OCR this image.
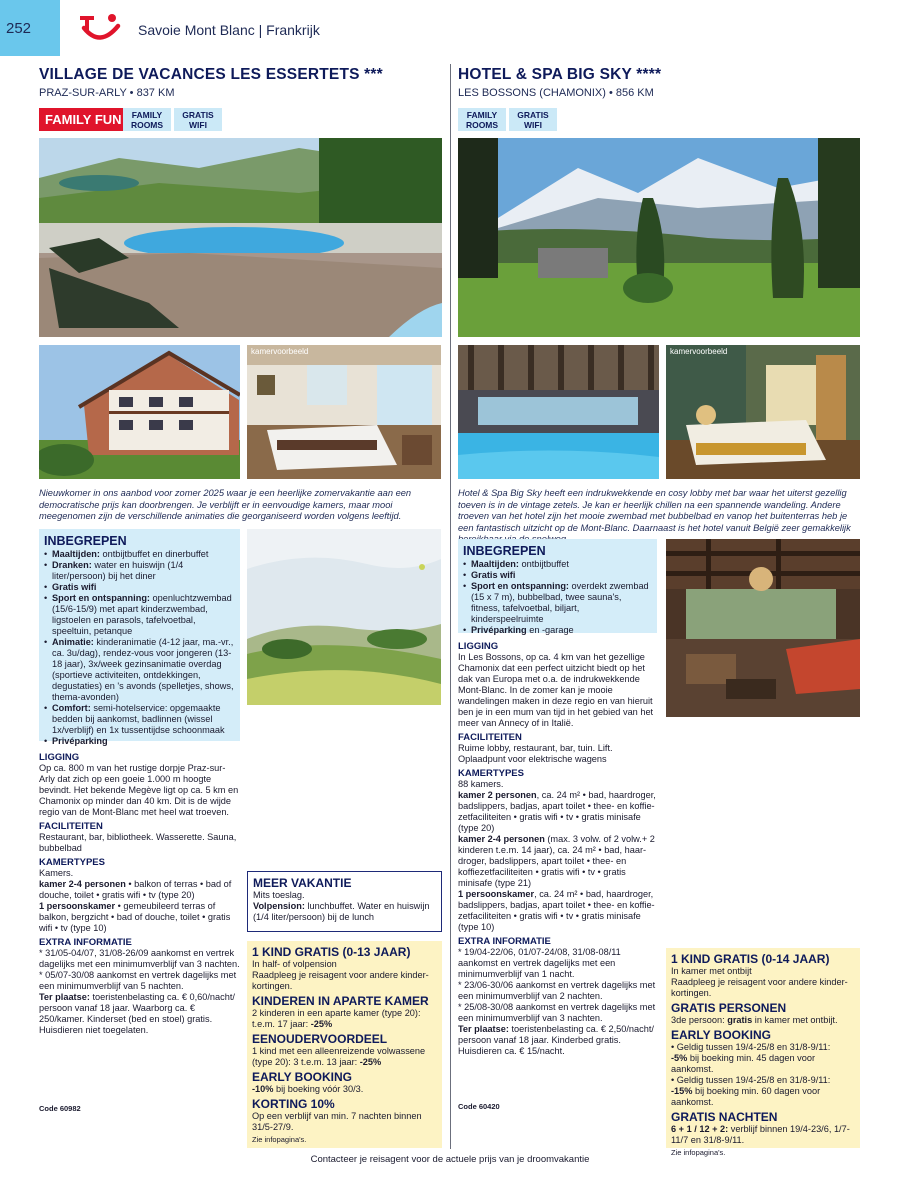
252	Savoie Mont Blanc | Frankrijk
VILLAGE DE VACANCES LES ESSERTETS ***
PRAZ-SUR-ARLY • 837 KM
FAMILY FUN	FAMILY
ROOMS
GRATIS
WIFI
kamervoorbeeld
Nieuwkomer in ons aanbod voor zomer 2025 waar je een heerlijke zomervakantie aan een democratische prijs kan doorbrengen. Je verblijft er in eenvoudige kamers, maar mooi meegenomen zijn de verschillende animaties die georganiseerd worden volgens leeftijd.
INBEGREPEN
• Maaltijden: ontbijtbuffet en dinerbuffet
• Dranken: water en huiswijn (1/4 liter/persoon) bij het diner
• Gratis wifi
• Sport en ontspanning: openluchtzwembad (15/6-15/9) met apart kinderzwembad, ligstoelen en parasols, tafelvoetbal, speeltuin, petanque
• Animatie: kinderanimatie (4-12 jaar, ma.-vr., ca. 3u/dag), rendez-vous voor jongeren (13-18 jaar), 3x/week gezinsanimatie overdag (sportieve activiteiten, ontdekkingen, degustaties) en 's avonds (spelletjes, shows, thema-avonden)
• Comfort: semi-hotelservice: opgemaakte bedden bij aankomst, badlinnen (wissel 1x/verblijf) en 1x tussentijdse schoonmaak
• Privéparking
LIGGING

Op ca. 800 m van het rustige dorpje Praz-sur-Arly dat zich op een goeie 1.000 m hoogte bevindt. Het bekende Megève ligt op ca. 5 km en Chamonix op minder dan 40 km. Dit is de wijde regio van de Mont-Blanc met heel wat troeven.

FACILITEITEN

Restaurant, bar, bibliotheek. Wasserette. Sauna, bubbelbad

KAMERTYPES

Kamers.

kamer 2-4 personen • balkon of terras • bad of douche, toilet • gratis wifi • tv (type 20)

1 persoonskamer • gemeubileerd terras of balkon, bergzicht • bad of douche, toilet • gratis wifi • tv (type 10)

EXTRA INFORMATIE

* 31/05-04/07, 31/08-26/09 aankomst en vertrek dagelijks met een minimumverblijf van 3 nachten.

* 05/07-30/08 aankomst en vertrek dagelijks met een minimumverblijf van 5 nachten.

Ter plaatse: toeristenbelasting ca. € 0,60/nacht/ persoon vanaf 18 jaar. Waarborg ca. € 250/kamer. Kinderset (bed en stoel) gratis. Huisdieren niet toegelaten.

Code 60982
MEER VAKANTIE
Mits toeslag.
Volpension: lunchbuffet. Water en huiswijn (1/4 liter/persoon) bij de lunch
1 KIND GRATIS (0-13 JAAR)
In half- of volpension
Raadpleeg je reisagent voor andere kinder-kortingen.
KINDEREN IN APARTE KAMER
2 kinderen in een aparte kamer (type 20): t.e.m. 17 jaar: -25%
EENOUDERVOORDEEL
1 kind met een alleenreizende volwassene (type 20): 3 t.e.m. 13 jaar: -25%
EARLY BOOKING
-10% bij boeking vóór 30/3.
KORTING 10%
Op een verblijf van min. 7 nachten binnen 31/5-27/9.
Zie infopagina's.
HOTEL & SPA BIG SKY ****
LES BOSSONS (CHAMONIX) • 856 KM
FAMILY
ROOMS
GRATIS
WIFI
kamervoorbeeld
Hotel & Spa Big Sky heeft een indrukwekkende en cosy lobby met bar waar het uiterst gezellig toeven is in de vintage zetels. Je kan er heerlijk chillen na een spannende wandeling. Andere troeven van het hotel zijn het mooie zwembad met bubbelbad en vanop het buitenterras heb je een fantastisch uitzicht op de Mont-Blanc. Daarnaast is het hotel vanuit België zeer gemakkelijk
INBEGREPEN
• Maaltijden: ontbijtbuffet
• Gratis wifi
• Sport en ontspanning: overdekt zwembad (15 x 7 m), bubbelbad, twee sauna's, fitness, tafelvoetbal, biljart, kinderspeelruimte
• Privéparking en -garage
LIGGING

In Les Bossons, op ca. 4 km van het gezellige Chamonix dat een perfect uitzicht biedt op het dak van Europa met o.a. de indrukwekkende Mont-Blanc. In de zomer kan je mooie wandelingen maken in deze regio en van hieruit ben je in een mum van tijd in het gebied van het meer van Annecy of in Italië.

FACILITEITEN

Ruime lobby, restaurant, bar, tuin. Lift. Oplaadpunt voor elektrische wagens

KAMERTYPES

88 kamers.

kamer 2 personen, ca. 24 m² • bad, haardroger, badslippers, badjas, apart toilet • thee- en koffie-zetfaciliteiten • gratis wifi • tv • gratis minisafe (type 20)

kamer 2-4 personen (max. 3 volw. of 2 volw.+ 2 kinderen t.e.m. 14 jaar), ca. 24 m² • bad, haar-droger, badslippers, apart toilet • thee- en koffiezetfaciliteiten • gratis wifi • tv • gratis minisafe (type 21)

1 persoonskamer, ca. 24 m² • bad, haardroger, badslippers, badjas, apart toilet • thee- en koffie-zetfaciliteiten • gratis wifi • tv • gratis minisafe (type 10)

EXTRA INFORMATIE

* 19/04-22/06, 01/07-24/08, 31/08-08/11 aankomst en vertrek dagelijks met een minimumverblijf van 1 nacht.

* 23/06-30/06 aankomst en vertrek dagelijks met een minimumverblijf van 2 nachten.

* 25/08-30/08 aankomst en vertrek dagelijks met een minimumverblijf van 3 nachten.

Ter plaatse: toeristenbelasting ca. € 2,50/nacht/ persoon vanaf 18 jaar. Kinderbed gratis. Huisdieren ca. € 15/nacht.

Code 60420
1 KIND GRATIS (0-14 JAAR)
In kamer met ontbijt
Raadpleeg je reisagent voor andere kinder-kortingen.
GRATIS PERSONEN
3de persoon: gratis in kamer met ontbijt.
EARLY BOOKING
• Geldig tussen 19/4-25/8 en 31/8-9/11:
-5% bij boeking min. 45 dagen voor aankomst.
• Geldig tussen 19/4-25/8 en 31/8-9/11:
-15% bij boeking min. 60 dagen voor aankomst.
GRATIS NACHTEN
6 + 1 / 12 + 2: verblijf binnen 19/4-23/6, 1/7-11/7 en 31/8-9/11.
Zie infopagina's.
Contacteer je reisagent voor de actuele prijs van je droomvakantie
